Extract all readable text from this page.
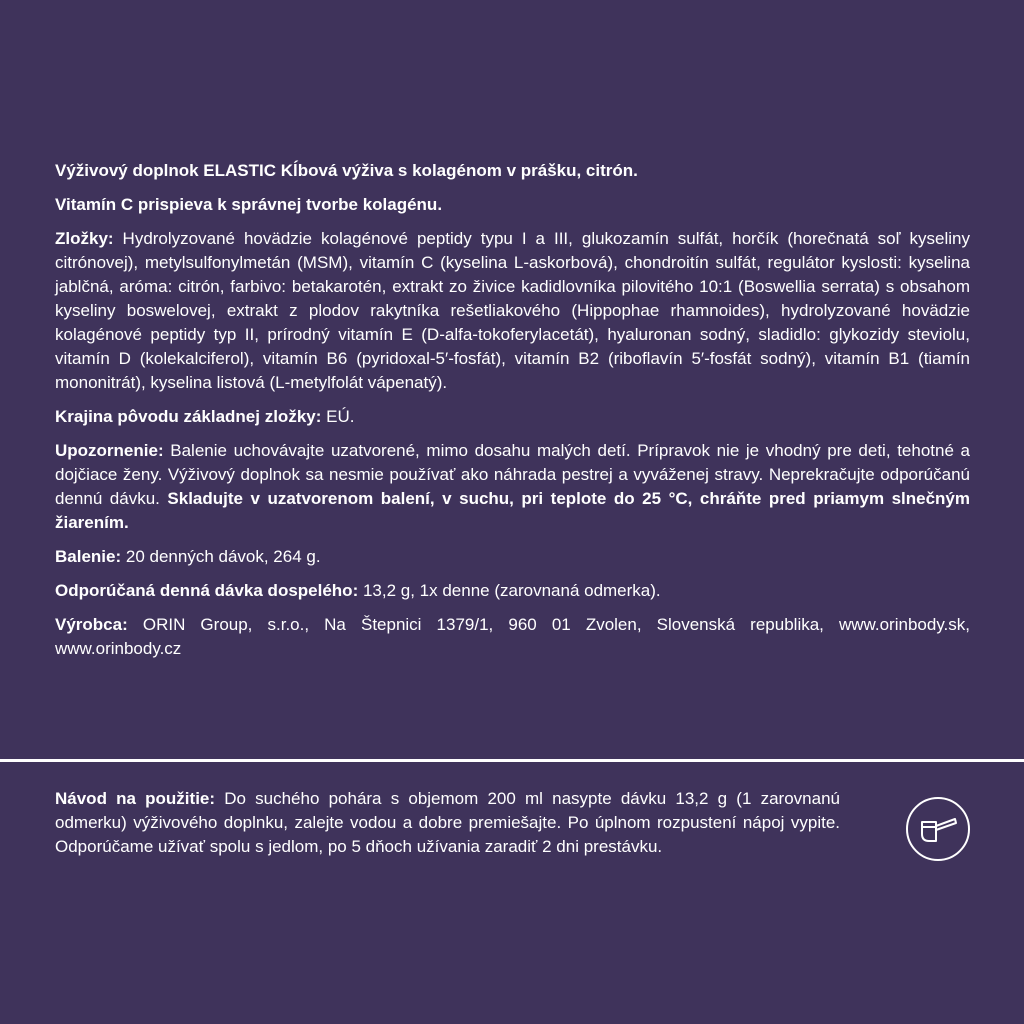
Výživový doplnok ELASTIC Kĺbová výživa s kolagénom v prášku, citrón.

Vitamín C prispieva k správnej tvorbe kolagénu.

Zložky: Hydrolyzované hovädzie kolagénové peptidy typu I a III, glukozamín sulfát, horčík (horečnatá soľ kyseliny citrónovej), metylsulfonylmetán (MSM), vitamín C (kyselina L-askorbová), chondroitín sulfát, regulátor kyslosti: kyselina jablčná, aróma: citrón, farbivo: betakarotén, extrakt zo živice kadidlovníka pilovitého 10:1 (Boswellia serrata) s obsahom kyseliny boswelovej, extrakt z plodov rakytníka rešetliakového (Hippophae rhamnoides), hydrolyzované hovädzie kolagénové peptidy typ II, prírodný vitamín E (D-alfa-tokoferylacetát), hyaluronan sodný, sladidlo: glykozidy steviolu, vitamín D (kolekalciferol), vitamín B6 (pyridoxal-5′-fosfát), vitamín B2 (riboflavín 5′-fosfát sodný), vitamín B1 (tiamín mononitrát), kyselina listová (L-metylfolát vápenatý).

Krajina pôvodu základnej zložky: EÚ.

Upozornenie: Balenie uchovávajte uzatvorené, mimo dosahu malých detí. Prípravok nie je vhodný pre deti, tehotné a dojčiace ženy. Výživový doplnok sa nesmie používať ako náhrada pestrej a vyváženej stravy. Neprekračujte odporúčanú dennú dávku. Skladujte v uzatvorenom balení, v suchu, pri teplote do 25 °C, chráňte pred priamym slnečným žiarením.

Balenie: 20 denných dávok, 264 g.

Odporúčaná denná dávka dospelého: 13,2 g, 1x denne (zarovnaná odmerka).

Výrobca: ORIN Group, s.r.o., Na Štepnici 1379/1, 960 01 Zvolen, Slovenská republika, www.orinbody.sk, www.orinbody.cz

Návod na použitie: Do suchého pohára s objemom 200 ml nasypte dávku 13,2 g (1 zarovnanú odmerku) výživového doplnku, zalejte vodou a dobre premiešajte. Po úplnom rozpustení nápoj vypite. Odporúčame užívať spolu s jedlom, po 5 dňoch užívania zaradiť 2 dni prestávku.
